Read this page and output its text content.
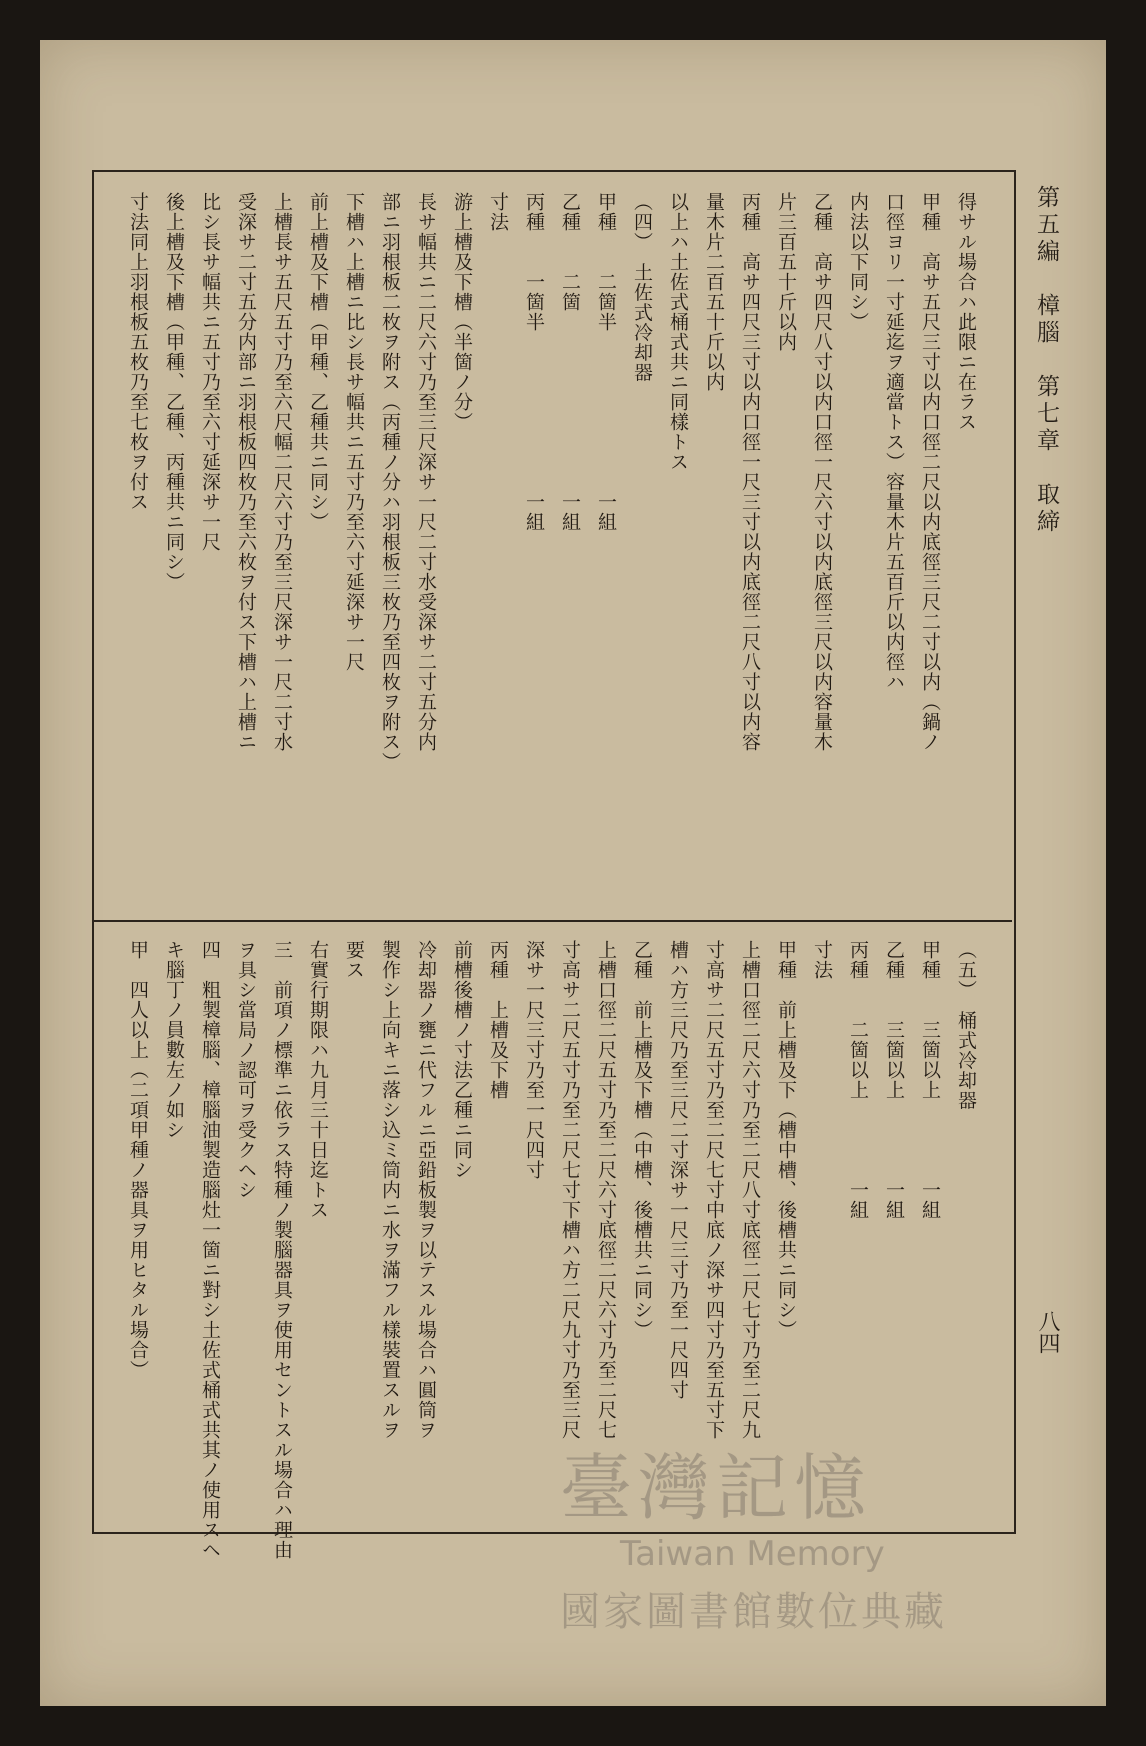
第五編　樟腦　第七章　取締
八四
得サル場合ハ此限ニ在ラス
甲種　高サ五尺三寸以内口徑二尺以内底徑三尺二寸以内（鍋ノ
口徑ヨリ一寸延迄ヲ適當トス）容量木片五百斤以内徑ハ
内法以下同シ）
乙種　高サ四尺八寸以内口徑一尺六寸以内底徑三尺以内容量木
片三百五十斤以内
丙種　高サ四尺三寸以内口徑一尺三寸以内底徑二尺八寸以内容
量木片二百五十斤以内
以上ハ土佐式桶式共ニ同樣トス
（四）　土佐式冷却器
甲種　　二箇半　　　　　　　　一組
乙種　　二箇　　　　　　　　　一組
丙種　　一箇半　　　　　　　　一組
寸法
游上槽及下槽（半箇ノ分）
長サ幅共ニ二尺六寸乃至三尺深サ一尺二寸水受深サ二寸五分内
部ニ羽根板二枚ヲ附ス（丙種ノ分ハ羽根板三枚乃至四枚ヲ附ス）
下槽ハ上槽ニ比シ長サ幅共ニ五寸乃至六寸延深サ一尺
前上槽及下槽（甲種、乙種共ニ同シ）
上槽長サ五尺五寸乃至六尺幅二尺六寸乃至三尺深サ一尺二寸水
受深サ二寸五分内部ニ羽根板四枚乃至六枚ヲ付ス下槽ハ上槽ニ
比シ長サ幅共ニ五寸乃至六寸延深サ一尺
後上槽及下槽（甲種、乙種、丙種共ニ同シ）
寸法同上羽根板五枚乃至七枚ヲ付ス
（五）　桶式冷却器
甲種　　三箇以上　　　　一組
乙種　　三箇以上　　　　一組
丙種　　二箇以上　　　　一組
寸法
甲種　前上槽及下（槽中槽、後槽共ニ同シ）
上槽口徑二尺六寸乃至二尺八寸底徑二尺七寸乃至二尺九
寸高サ二尺五寸乃至二尺七寸中底ノ深サ四寸乃至五寸下
槽ハ方三尺乃至三尺二寸深サ一尺三寸乃至一尺四寸
乙種　前上槽及下槽（中槽、後槽共ニ同シ）
上槽口徑二尺五寸乃至二尺六寸底徑二尺六寸乃至二尺七
寸高サ二尺五寸乃至二尺七寸下槽ハ方二尺九寸乃至三尺
深サ一尺三寸乃至一尺四寸
丙種　上槽及下槽
前槽後槽ノ寸法乙種ニ同シ
冷却器ノ甕ニ代フルニ亞鉛板製ヲ以テスル場合ハ圓筒ヲ
製作シ上向キニ落シ込ミ筒内ニ水ヲ滿フル樣裝置スルヲ
要ス
右實行期限ハ九月三十日迄トス
三　前項ノ標準ニ依ラス特種ノ製腦器具ヲ使用セントスル場合ハ理由
ヲ具シ當局ノ認可ヲ受クヘシ
四　粗製樟腦、樟腦油製造腦灶一箇ニ對シ土佐式桶式共其ノ使用スヘ
キ腦丁ノ員數左ノ如シ
甲　四人以上（二項甲種ノ器具ヲ用ヒタル場合）
臺灣記憶
Taiwan Memory
國家圖書館數位典藏
